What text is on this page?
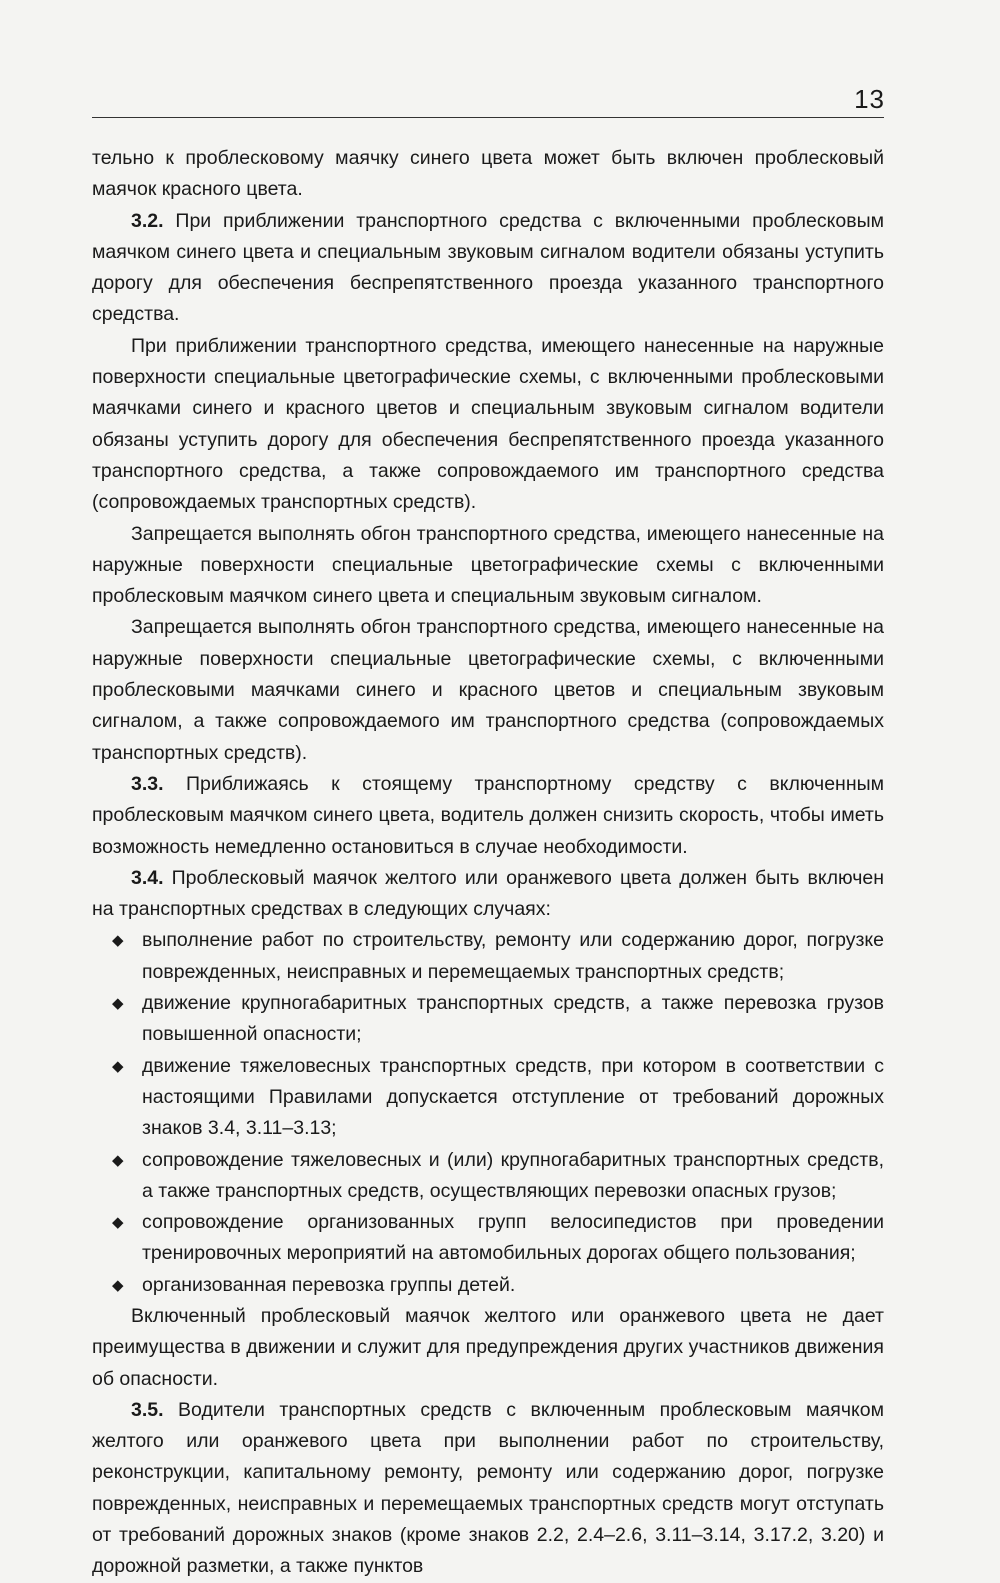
13

тельно к проблесковому маячку синего цвета может быть включен проблесковый маячок красного цвета.

3.2. При приближении транспортного средства с включенными проблесковым маячком синего цвета и специальным звуковым сигналом водители обязаны уступить дорогу для обеспечения беспрепятственного проезда указанного транспортного средства.

При приближении транспортного средства, имеющего нанесенные на наружные поверхности специальные цветографические схемы, с включенными проблесковыми маячками синего и красного цветов и специальным звуковым сигналом водители обязаны уступить дорогу для обеспечения беспрепятственного проезда указанного транспортного средства, а также сопровождаемого им транспортного средства (сопровождаемых транспортных средств).

Запрещается выполнять обгон транспортного средства, имеющего нанесенные на наружные поверхности специальные цветографические схемы с включенными проблесковым маячком синего цвета и специальным звуковым сигналом.

Запрещается выполнять обгон транспортного средства, имеющего нанесенные на наружные поверхности специальные цветографические схемы, с включенными проблесковыми маячками синего и красного цветов и специальным звуковым сигналом, а также сопровождаемого им транспортного средства (сопровождаемых транспортных средств).

3.3. Приближаясь к стоящему транспортному средству с включенным проблесковым маячком синего цвета, водитель должен снизить скорость, чтобы иметь возможность немедленно остановиться в случае необходимости.

3.4. Проблесковый маячок желтого или оранжевого цвета должен быть включен на транспортных средствах в следующих случаях:

◆ выполнение работ по строительству, ремонту или содержанию дорог, погрузке поврежденных, неисправных и перемещаемых транспортных средств;
◆ движение крупногабаритных транспортных средств, а также перевозка грузов повышенной опасности;
◆ движение тяжеловесных транспортных средств, при котором в соответствии с настоящими Правилами допускается отступление от требований дорожных знаков 3.4, 3.11–3.13;
◆ сопровождение тяжеловесных и (или) крупногабаритных транспортных средств, а также транспортных средств, осуществляющих перевозки опасных грузов;
◆ сопровождение организованных групп велосипедистов при проведении тренировочных мероприятий на автомобильных дорогах общего пользования;
◆ организованная перевозка группы детей.

Включенный проблесковый маячок желтого или оранжевого цвета не дает преимущества в движении и служит для предупреждения других участников движения об опасности.

3.5. Водители транспортных средств с включенным проблесковым маячком желтого или оранжевого цвета при выполнении работ по строительству, реконструкции, капитальному ремонту, ремонту или содержанию дорог, погрузке поврежденных, неисправных и перемещаемых транспортных средств могут отступать от требований дорожных знаков (кроме знаков 2.2, 2.4–2.6, 3.11–3.14, 3.17.2, 3.20) и дорожной разметки, а также пунктов
